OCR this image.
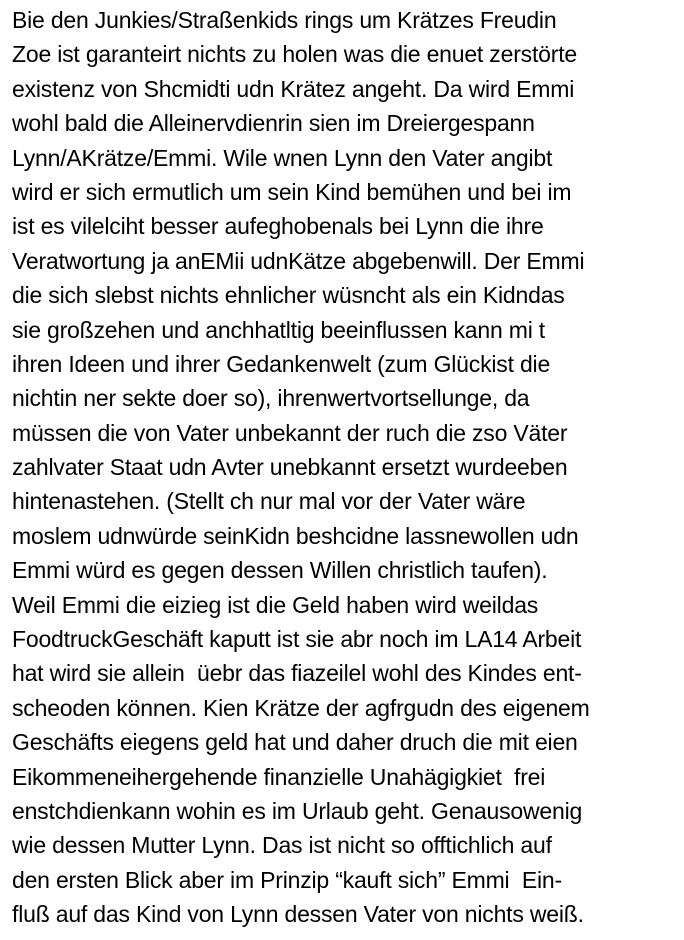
Bie den Junkies/Straßenkids rings um Krätzes Freudin
Zoe ist garanteirt nichts zu holen was die enuet zerstörte
existenz von Shcmidti udn Krätez angeht. Da wird Emmi
wohl bald die Alleinervdienrin sien im Dreiergespann
Lynn/AKrätze/Emmi. Wile wnen Lynn den Vater angibt
wird er sich ermutlich um sein Kind bemühen und bei im
ist es vilelciht besser aufeghobenals bei Lynn die ihre
Veratwortung ja anEMii udnKätze abgebenwill. Der Emmi
die sich slebst nichts ehnlicher wüsncht als ein Kidndas
sie großzehen und anchhatltig beeinflussen kann mi t
ihren Ideen und ihrer Gedankenwelt (zum Glückist die
nichtin ner sekte doer so), ihrenwertvortsellunge, da
müssen die von Vater unbekannt der ruch die zso Väter
zahlvater Staat udn Avter unebkannt ersetzt wurdeeben
hintenastehen. (Stellt ch nur mal vor der Vater wäre
moslem udnwürde seinKidn beshcidne lassnewollen udn
Emmi würd es gegen dessen Willen christlich taufen).
Weil Emmi die eizieg ist die Geld haben wird weildas
FoodtruckGeschäft kaputt ist sie abr noch im LA14 Arbeit
hat wird sie allein  üebr das fiazeilel wohl des Kindes ent-
scheoden können. Kien Krätze der agfrgudn des eigenem
Geschäfts eiegens geld hat und daher druch die mit eien
Eikommeneihergehende finanzielle Unahägigkiet  frei
enstchdienkann wohin es im Urlaub geht. Genausowenig
wie dessen Mutter Lynn. Das ist nicht so offtichlich auf
den ersten Blick aber im Prinzip “kauft sich” Emmi  Ein-
fluß auf das Kind von Lynn dessen Vater von nichts weiß.
